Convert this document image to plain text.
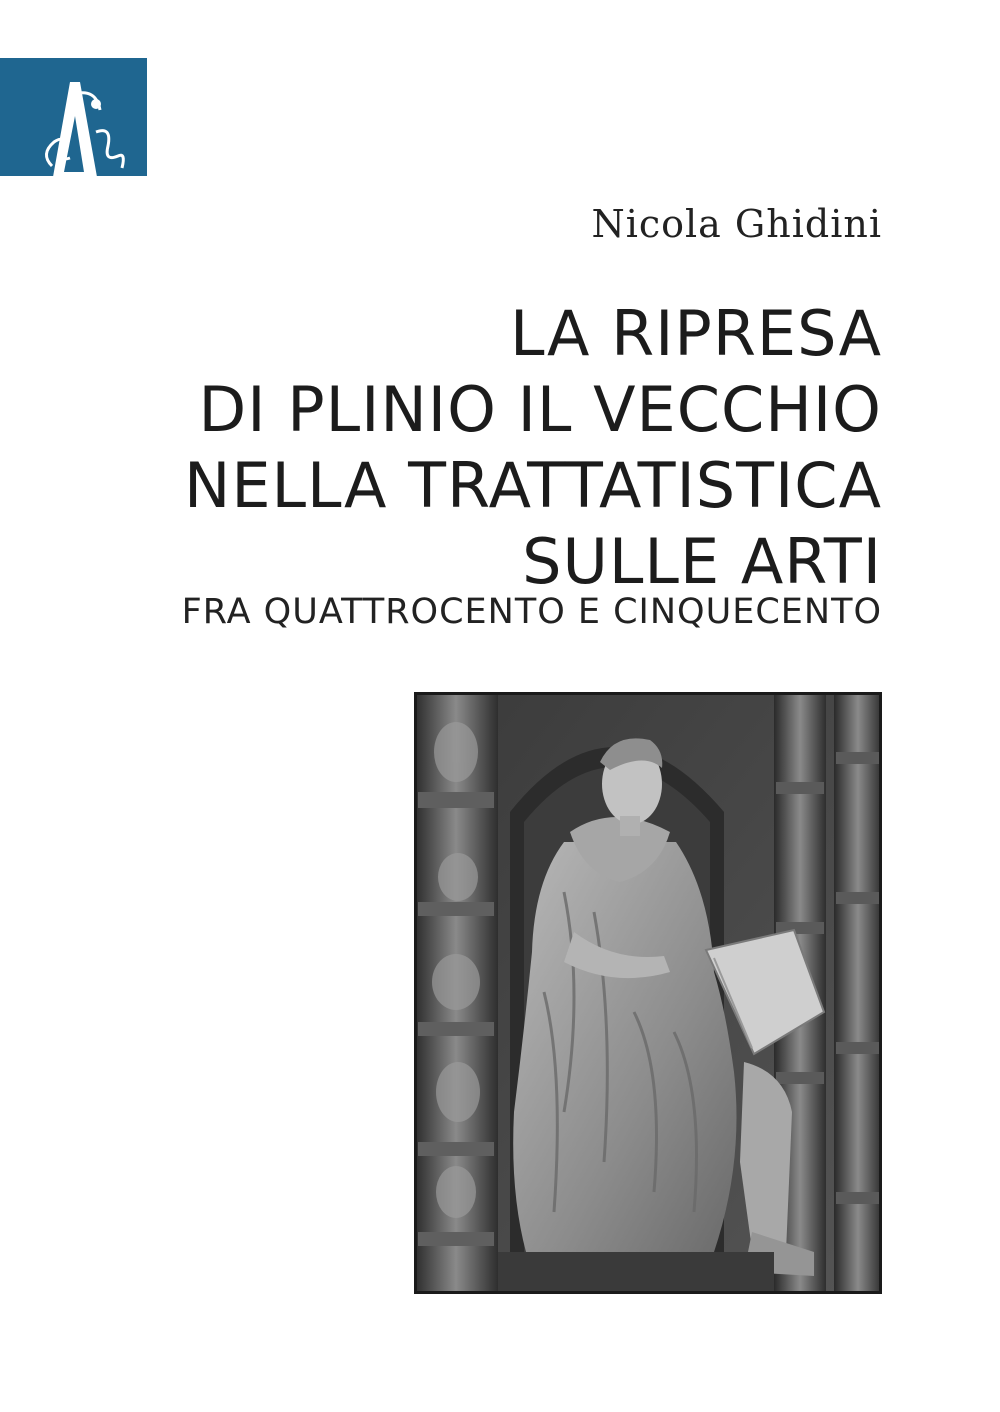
Nicola Ghidini
LA RIPRESA
DI PLINIO IL VECCHIO
NELLA TRATTATISTICA
SULLE ARTI
FRA QUATTROCENTO E CINQUECENTO
